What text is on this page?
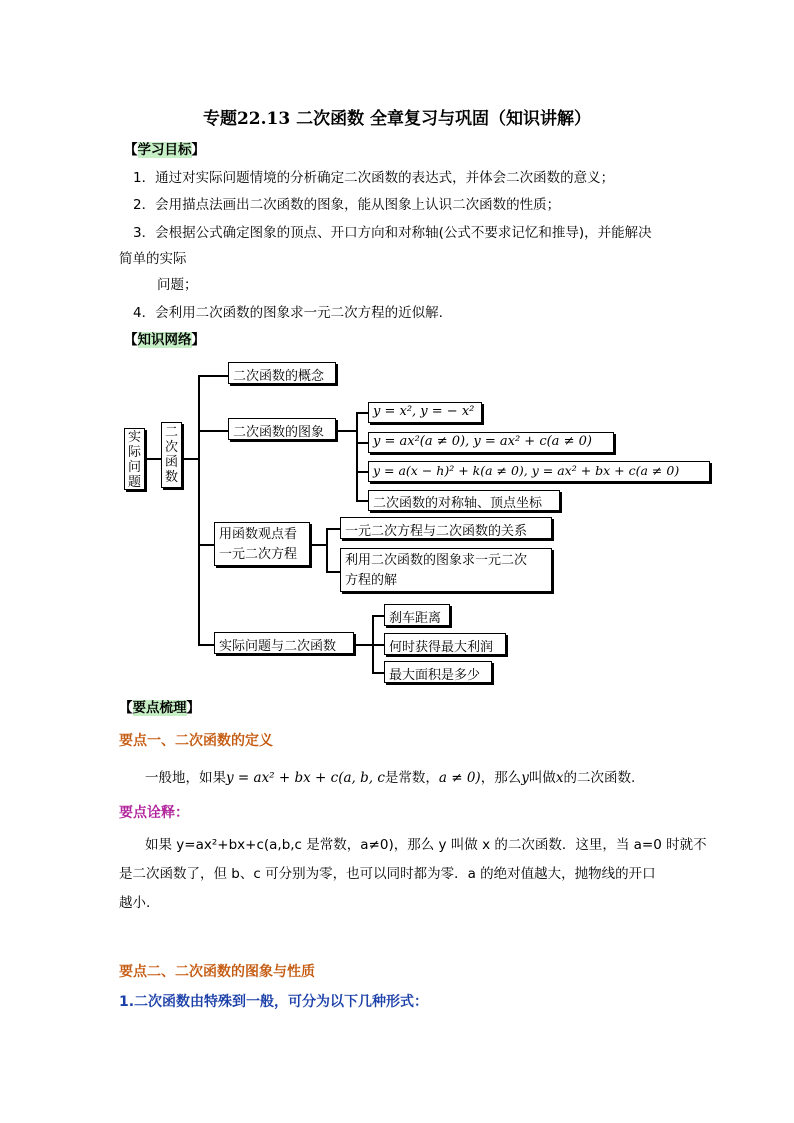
专题22.13 二次函数 全章复习与巩固（知识讲解）
【学习目标】
1．通过对实际问题情境的分析确定二次函数的表达式，并体会二次函数的意义；
2．会用描点法画出二次函数的图象，能从图象上认识二次函数的性质；
3．会根据公式确定图象的顶点、开口方向和对称轴(公式不要求记忆和推导)，并能解决
简单的实际
问题；
4．会利用二次函数的图象求一元二次方程的近似解.
【知识网络】
实际问题
二次函数
二次函数的概念
二次函数的图象
用函数观点看
一元二次方程
实际问题与二次函数
y = x², y = − x²
y = ax²(a ≠ 0), y = ax² + c(a ≠ 0)
y = a(x − h)² + k(a ≠ 0), y = ax² + bx + c(a ≠ 0)
二次函数的对称轴、顶点坐标
一元二次方程与二次函数的关系
利用二次函数的图象求一元二次
方程的解
刹车距离
何时获得最大利润
最大面积是多少
【要点梳理】
要点一、二次函数的定义
一般地，如果y = ax² + bx + c(a, b, c是常数，a ≠ 0)，那么y叫做x的二次函数.
要点诠释：
如果 y=ax²+bx+c(a,b,c 是常数，a≠0)，那么 y 叫做 x 的二次函数．这里，当 a=0 时就不
是二次函数了，但 b、c 可分别为零，也可以同时都为零．a 的绝对值越大，抛物线的开口
越小.
要点二、二次函数的图象与性质
1.二次函数由特殊到一般，可分为以下几种形式：
